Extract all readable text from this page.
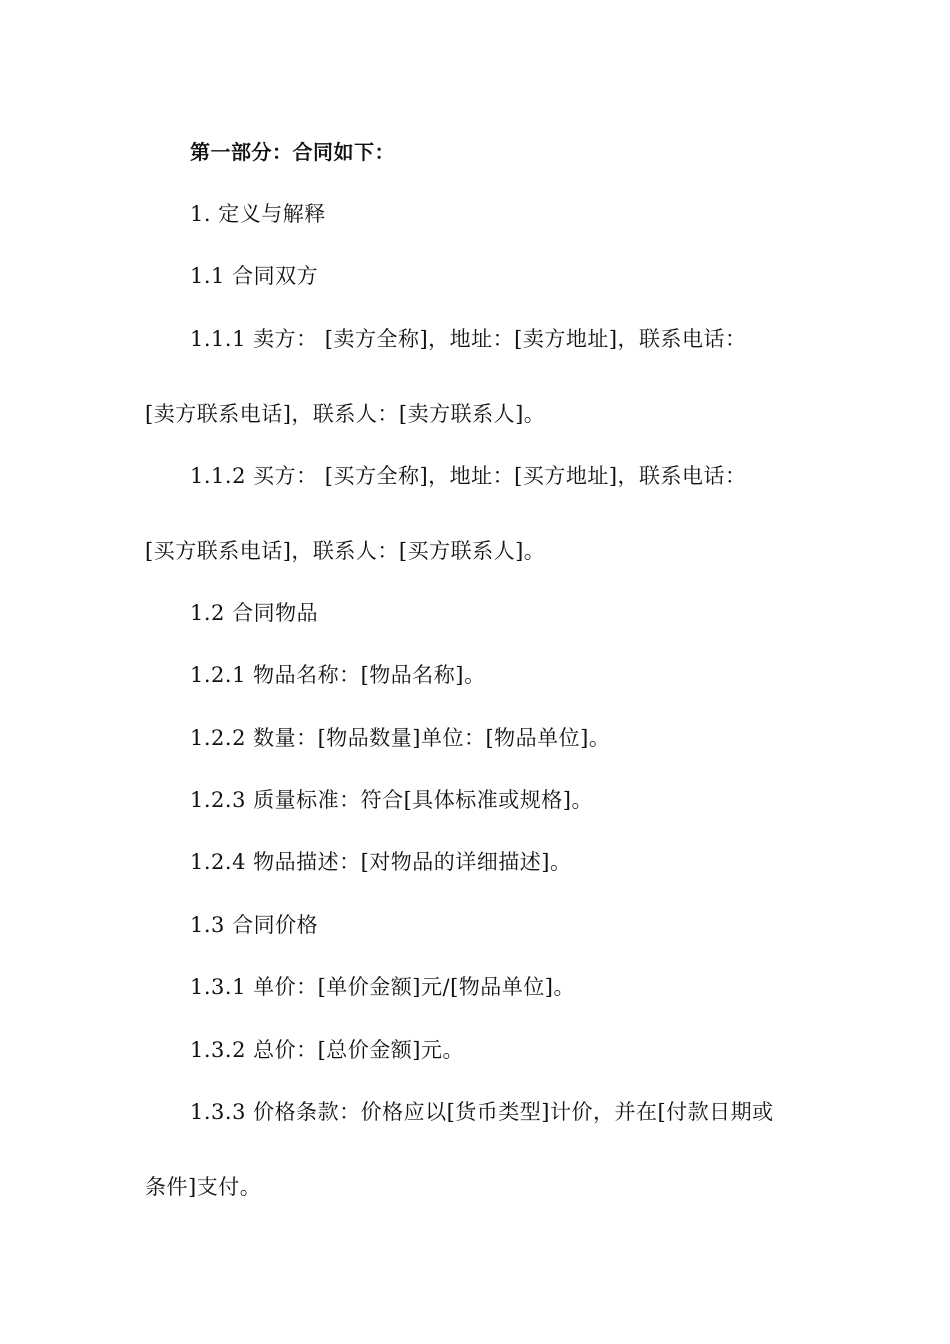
第一部分：合同如下：
1. 定义与解释
1.1 合同双方
1.1.1 卖方： [卖方全称]，地址：[卖方地址]，联系电话：
[卖方联系电话]，联系人：[卖方联系人]。
1.1.2 买方： [买方全称]，地址：[买方地址]，联系电话：
[买方联系电话]，联系人：[买方联系人]。
1.2 合同物品
1.2.1 物品名称：[物品名称]。
1.2.2 数量：[物品数量]单位：[物品单位]。
1.2.3 质量标准：符合[具体标准或规格]。
1.2.4 物品描述：[对物品的详细描述]。
1.3 合同价格
1.3.1 单价：[单价金额]元/[物品单位]。
1.3.2 总价：[总价金额]元。
1.3.3 价格条款：价格应以[货币类型]计价，并在[付款日期或
条件]支付。
